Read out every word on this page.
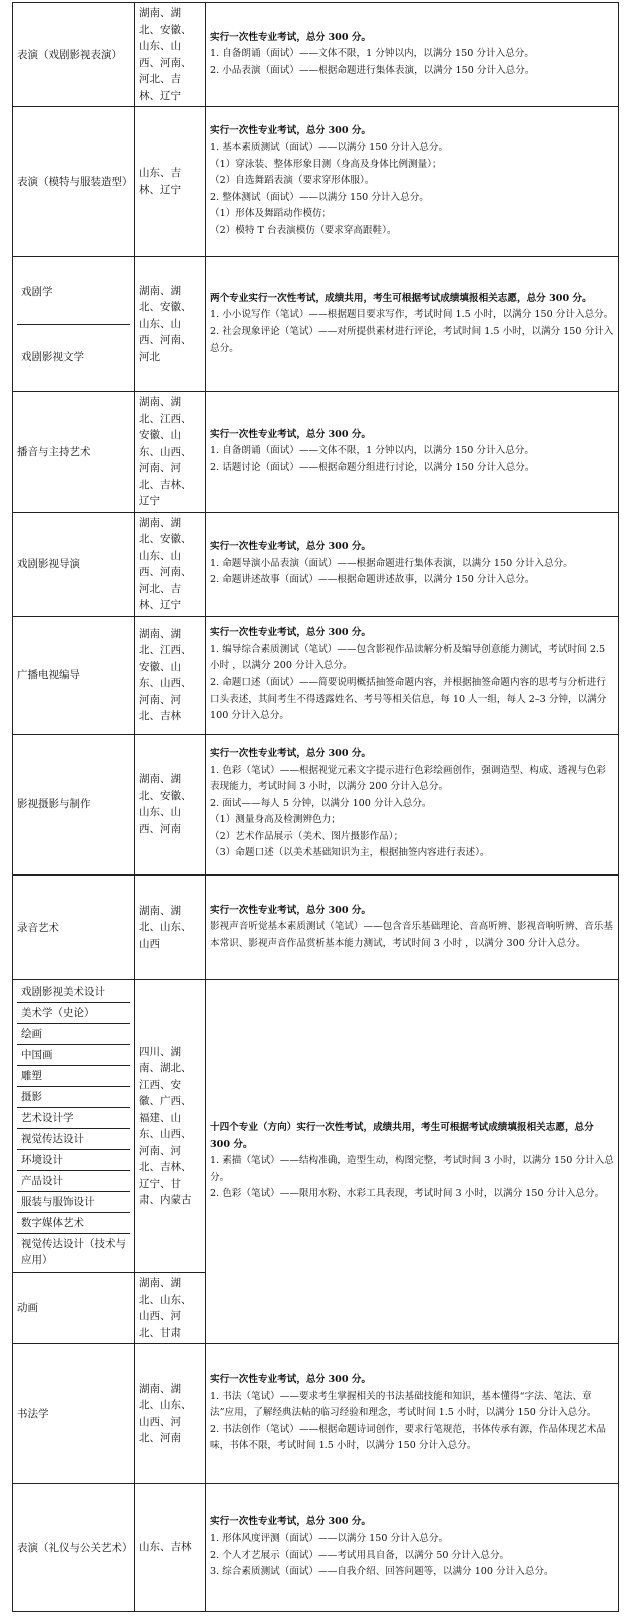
表演（戏剧影视表演）	湖南、湖北、安徽、山东、山西、河南、河北、吉林、辽宁	
实行一次性专业考试，总分 300 分。
1. 自备朗诵（面试）——文体不限，1 分钟以内，以满分 150 分计入总分。
2. 小品表演（面试）——根据命题进行集体表演，以满分 150 分计入总分。

表演（模特与服装造型）	山东、吉林、辽宁	
实行一次性专业考试，总分 300 分。
1. 基本素质测试（面试）——以满分 150 分计入总分。
（1）穿泳装、整体形象目测（身高及身体比例测量）；
（2）自选舞蹈表演（要求穿形体服）。
2. 整体测试（面试）——以满分 150 分计入总分。
（1）形体及舞蹈动作模仿；
（2）模特 T 台表演模仿（要求穿高跟鞋）。

戏剧学
戏剧影视文学
	湖南、湖北、安徽、山东、山西、河南、河北	
两个专业实行一次性考试，成绩共用，考生可根据考试成绩填报相关志愿，总分 300 分。
1. 小小说写作（笔试）——根据题目要求写作，考试时间 1.5 小时，以满分 150 分计入总分。
2. 社会现象评论（笔试）——对所提供素材进行评论，考试时间 1.5 小时，以满分 150 分计入总分。

播音与主持艺术	湖南、湖北、江西、安徽、山东、山西、河南、河北、吉林、辽宁	
实行一次性专业考试，总分 300 分。
1. 自备朗诵（面试）——文体不限，1 分钟以内，以满分 150 分计入总分。
2. 话题讨论（面试）——根据命题分组进行讨论，以满分 150 分计入总分。

戏剧影视导演	湖南、湖北、安徽、山东、山西、河南、河北、吉林、辽宁	
实行一次性专业考试，总分 300 分。
1. 命题导演小品表演（面试）——根据命题进行集体表演，以满分 150 分计入总分。
2. 命题讲述故事（面试）——根据命题讲述故事，以满分 150 分计入总分。

广播电视编导	湖南、湖北、江西、安徽、山东、山西、河南、河北、吉林	
实行一次性专业考试，总分 300 分。
1. 编导综合素质测试（笔试）——包含影视作品读解分析及编导创意能力测试，考试时间 2.5 小时 ，以满分 200 分计入总分。
2. 命题口述（面试）——简要说明概括抽签命题内容，并根据抽签命题内容的思考与分析进行口头表述，其间考生不得透露姓名、考号等相关信息，每 10 人一组，每人 2–3 分钟，以满分 100 分计入总分。

影视摄影与制作	湖南、湖北、安徽、山东、山西、河南	
实行一次性专业考试，总分 300 分。
1. 色彩（笔试）——根据视觉元素文字提示进行色彩绘画创作，强调造型、构成、透视与色彩表现能力，考试时间 3 小时，以满分 200 分计入总分。
2. 面试——每人 5 分钟，以满分 100 分计入总分。
（1）测量身高及检测辨色力；
（2）艺术作品展示（美术、图片摄影作品）；
（3）命题口述（以美术基础知识为主，根据抽签内容进行表述）。
录音艺术	湖南、湖北、山东、山西	
实行一次性专业考试，总分 300 分。
影视声音听觉基本素质测试（笔试）——包含音乐基础理论、音高听辨、影视音响听辨、音乐基本常识、影视声音作品赏析基本能力测试，考试时间 3 小时 ，以满分 300 分计入总分。

戏剧影视美术设计
美术学（史论）
绘画
中国画
雕塑
摄影
艺术设计学
视觉传达设计
环境设计
产品设计
服装与服饰设计
数字媒体艺术
视觉传达设计（技术与应用）
	四川、湖南、湖北、江西、安徽、广西、福建、山东、山西、河南、河北、吉林、辽宁、甘肃、内蒙古	
十四个专业（方向）实行一次性考试，成绩共用，考生可根据考试成绩填报相关志愿，总分 300 分。
1. 素描（笔试）——结构准确，造型生动，构图完整，考试时间 3 小时，以满分 150 分计入总分。
2. 色彩（笔试）——限用水粉、水彩工具表现，考试时间 3 小时，以满分 150 分计入总分。

动画	湖南、湖北、山东、山西、河北、甘肃
书法学	湖南、湖北、山东、山西、河北、河南	
实行一次性专业考试，总分 300 分。
1. 书法（笔试）——要求考生掌握相关的书法基础技能和知识，基本懂得“字法、笔法、章法”应用，了解经典法帖的临习经验和理念，考试时间 1.5 小时，以满分 150 分计入总分。
2. 书法创作（笔试）——根据命题诗词创作，要求行笔规范，书体传承有源，作品体现艺术品味，书体不限，考试时间 1.5 小时，以满分 150 分计入总分。

表演（礼仪与公关艺术）	山东、吉林	
实行一次性专业考试，总分 300 分。
1. 形体风度评测（面试）——以满分 150 分计入总分。
2. 个人才艺展示（面试）——考试用具自备，以满分 50 分计入总分。
3. 综合素质测试（面试）——自我介绍、回答问题等，以满分 100 分计入总分。
